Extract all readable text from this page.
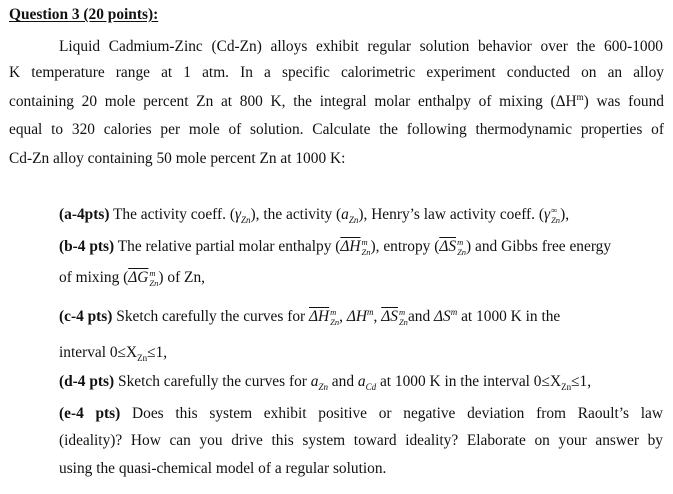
Question 3 (20 points):
Liquid Cadmium-Zinc (Cd-Zn) alloys exhibit regular solution behavior over the 600-1000
K temperature range at 1 atm. In a specific calorimetric experiment conducted on an alloy
containing 20 mole percent Zn at 800 K, the integral molar enthalpy of mixing $(\Delta H^m)$ was found
equal to 320 calories per mole of solution. Calculate the following thermodynamic properties of
Cd-Zn alloy containing 50 mole percent Zn at 1000 K:
(a-4pts) The activity coeff. $(\gamma_{Zn})$, the activity $(a_{Zn})$, Henry’s law activity coeff. (γ ∞
Zn ),
(b-4 pts) The relative partial molar enthalpy ($\overline{\Delta H}$ m
Zn ), entropy ($\overline{\Delta S}$ m
Zn ) and Gibbs free energy
of mixing ($\overline{\Delta G}$ m
Zn ) of Zn,
(c-4 pts) Sketch carefully the curves for $\overline{\Delta H}$ m
Zn , $\Delta H^m$, $\overline{\Delta S}$ m
Zn and $\Delta S^m$ at 1000 K in the
interval $0\le X_{Zn}\le 1$,
(d-4 pts) Sketch carefully the curves for $a_{Zn}$ and $a_{Cd}$ at 1000 K in the interval $0\le X_{Zn}\le 1$,
(e-4 pts) Does this system exhibit positive or negative deviation from Raoult’s law
(ideality)? How can you drive this system toward ideality? Elaborate on your answer by
using the quasi-chemical model of a regular solution.
